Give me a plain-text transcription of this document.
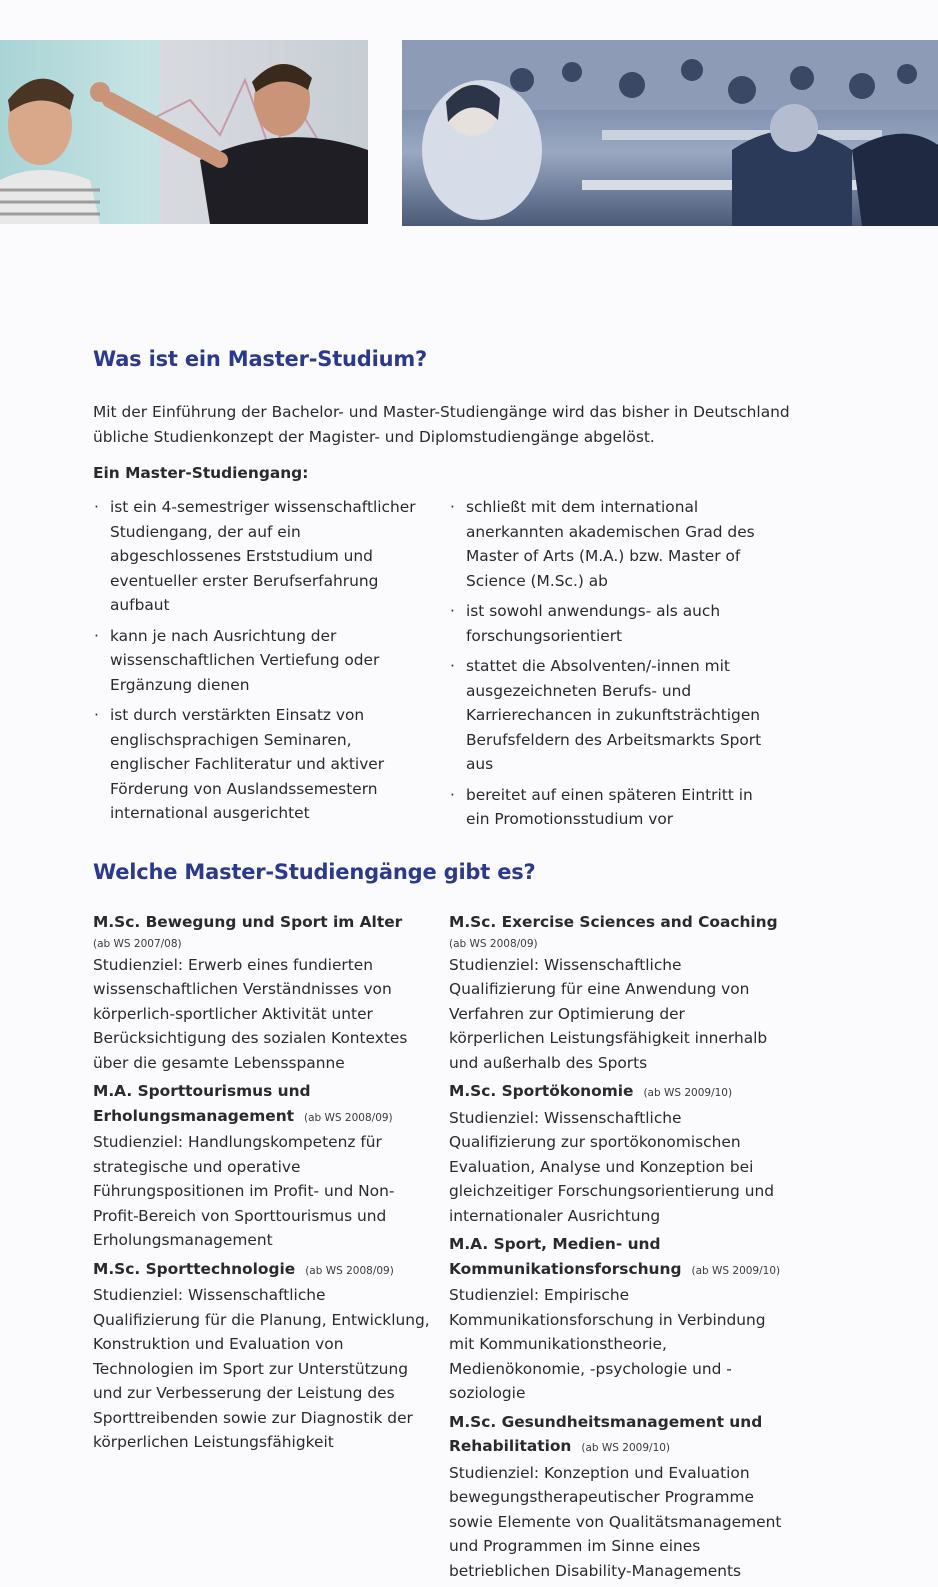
Was ist ein Master-Studium?

Mit der Einführung der Bachelor- und Master-Studiengänge wird das bisher in Deutschland übliche Studienkonzept der Magister- und Diplomstudiengänge abgelöst.

Ein Master-Studiengang:

· ist ein 4-semestriger wissenschaftlicher Studiengang, der auf ein abgeschlossenes Erststudium und eventueller erster Berufserfahrung aufbaut
· kann je nach Ausrichtung der wissenschaftlichen Vertiefung oder Ergänzung dienen
· ist durch verstärkten Einsatz von englischsprachigen Seminaren, englischer Fachliteratur und aktiver Förderung von Auslandssemestern international ausgerichtet
· schließt mit dem international anerkannten akademischen Grad des Master of Arts (M.A.) bzw. Master of Science (M.Sc.) ab
· ist sowohl anwendungs- als auch forschungsorientiert
· stattet die Absolventen/-innen mit ausgezeichneten Berufs- und Karrierechancen in zukunftsträchtigen Berufsfeldern des Arbeitsmarkts Sport aus
· bereitet auf einen späteren Eintritt in ein Promotionsstudium vor
Welche Master-Studiengänge gibt es?
M.Sc. Bewegung und Sport im Alter
(ab WS 2007/08)
Studienziel: Erwerb eines fundierten wissenschaftlichen Verständnisses von körperlich-sportlicher Aktivität unter Berücksichtigung des sozialen Kontextes über die gesamte Lebensspanne
M.A. Sporttourismus und Erholungsmanagement (ab WS 2008/09)
Studienziel: Handlungskompetenz für strategische und operative Führungspositionen im Profit- und Non-Profit-Bereich von Sporttourismus und Erholungsmanagement
M.Sc. Sporttechnologie (ab WS 2008/09)
Studienziel: Wissenschaftliche Qualifizierung für die Planung, Entwicklung, Konstruktion und Evaluation von Technologien im Sport zur Unterstützung und zur Verbesserung der Leistung des Sporttreibenden sowie zur Diagnostik der körperlichen Leistungsfähigkeit
M.Sc. Exercise Sciences and Coaching
(ab WS 2008/09)
Studienziel: Wissenschaftliche Qualifizierung für eine Anwendung von Verfahren zur Optimierung der körperlichen Leistungsfähigkeit innerhalb und außerhalb des Sports
M.Sc. Sportökonomie (ab WS 2009/10)
Studienziel: Wissenschaftliche Qualifizierung zur sportökonomischen Evaluation, Analyse und Konzeption bei gleichzeitiger Forschungsorientierung und internationaler Ausrichtung
M.A. Sport, Medien- und Kommunikationsforschung (ab WS 2009/10)
Studienziel: Empirische Kommunikationsforschung in Verbindung mit Kommunikationstheorie, Medienökonomie, -psychologie und -soziologie
M.Sc. Gesundheitsmanagement und Rehabilitation (ab WS 2009/10)
Studienziel: Konzeption und Evaluation bewegungstherapeutischer Programme sowie Elemente von Qualitätsmanagement und Programmen im Sinne eines betrieblichen Disability-Managements
